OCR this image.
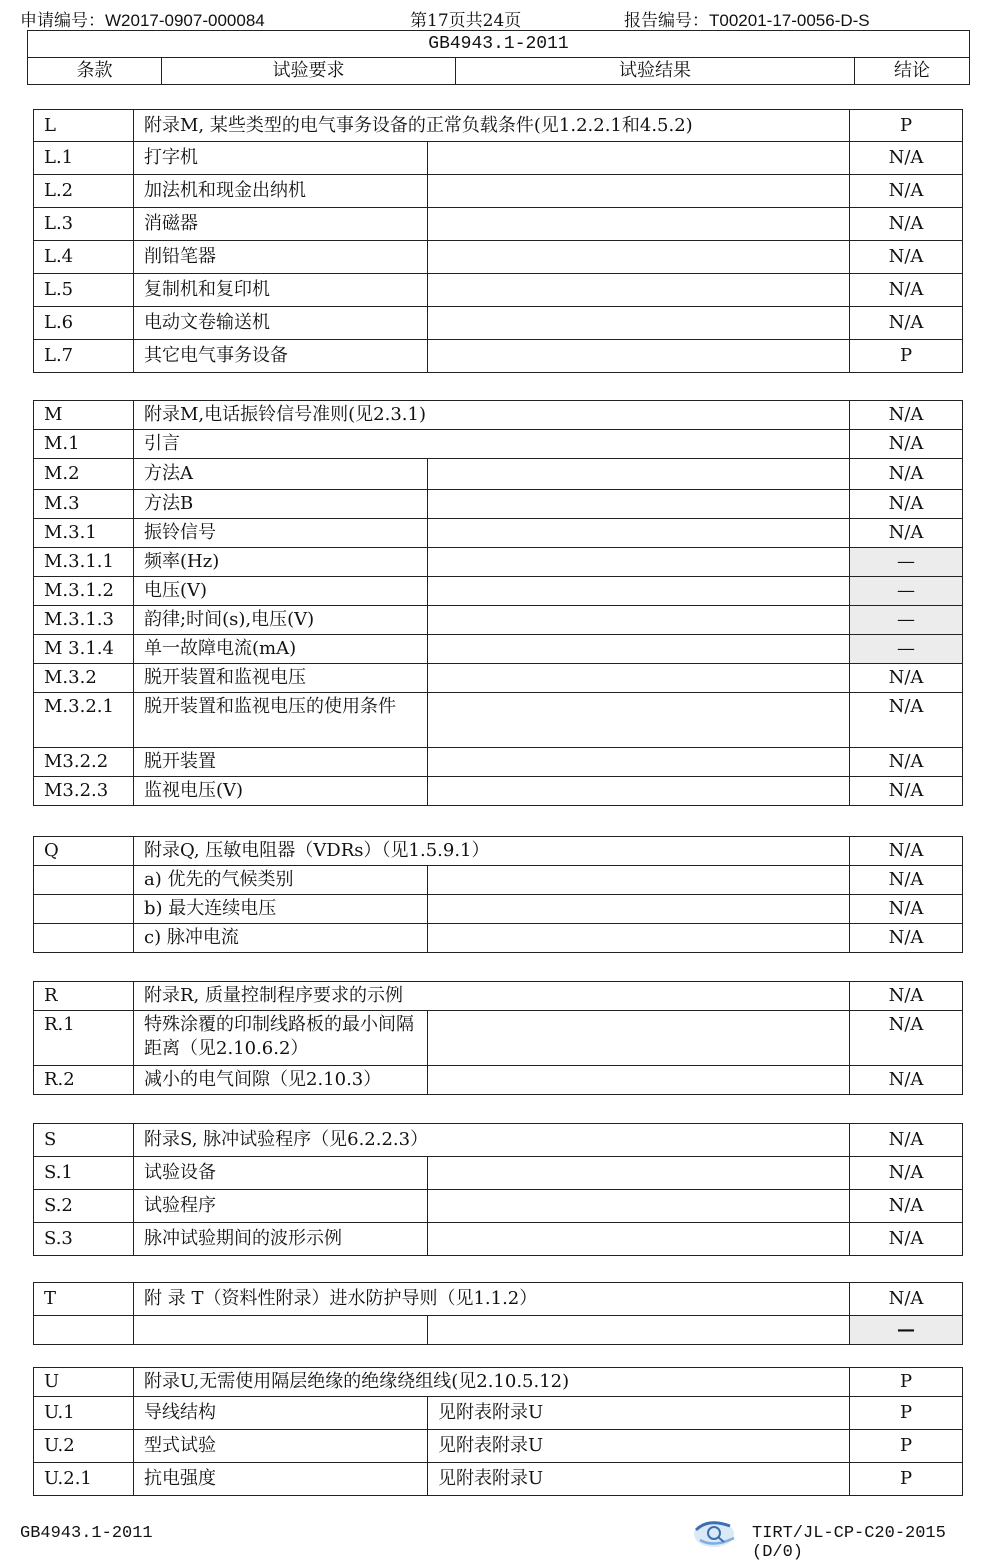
申请编号：W2017-0907-000084	第17页共24页	报告编号：T00201-17-0056-D-S
GB4943.1-2011
条款	试验要求	试验结果	结论
L	附录M, 某些类型的电气事务设备的正常负载条件(见1.2.2.1和4.5.2)		P
L.1	打字机		N/A
L.2	加法机和现金出纳机		N/A
L.3	消磁器		N/A
L.4	削铅笔器		N/A
L.5	复制机和复印机		N/A
L.6	电动文卷输送机		N/A
L.7	其它电气事务设备		P
M	附录M,电话振铃信号准则(见2.3.1)		N/A
M.1	引言		N/A
M.2	方法A		N/A
M.3	方法B		N/A
M.3.1	振铃信号		N/A
M.3.1.1	频率(Hz)		—
M.3.1.2	电压(V)		—
M.3.1.3	韵律;时间(s),电压(V)		—
M 3.1.4	单一故障电流(mA)		—
M.3.2	脱开装置和监视电压		N/A
M.3.2.1	脱开装置和监视电压的使用条件		N/A
M3.2.2	脱开装置		N/A
M3.2.3	监视电压(V)		N/A
Q	附录Q, 压敏电阻器（VDRs）（见1.5.9.1）		N/A
	a) 优先的气候类别		N/A
	b) 最大连续电压		N/A
	c) 脉冲电流		N/A
R	附录R, 质量控制程序要求的示例		N/A
R.1	特殊涂覆的印制线路板的最小间隔距离（见2.10.6.2）		N/A
R.2	减小的电气间隙（见2.10.3）		N/A
S	附录S, 脉冲试验程序（见6.2.2.3）		N/A
S.1	试验设备		N/A
S.2	试验程序		N/A
S.3	脉冲试验期间的波形示例		N/A
T	附 录 T（资料性附录）进水防护导则（见1.1.2）		N/A
			—
U	附录U,无需使用隔层绝缘的绝缘绕组线(见2.10.5.12)		P
U.1	导线结构	见附表附录U	P
U.2	型式试验	见附表附录U	P
U.2.1	抗电强度	见附表附录U	P
GB4943.1-2011	TIRT/JL-CP-C20-2015 (D/0)
